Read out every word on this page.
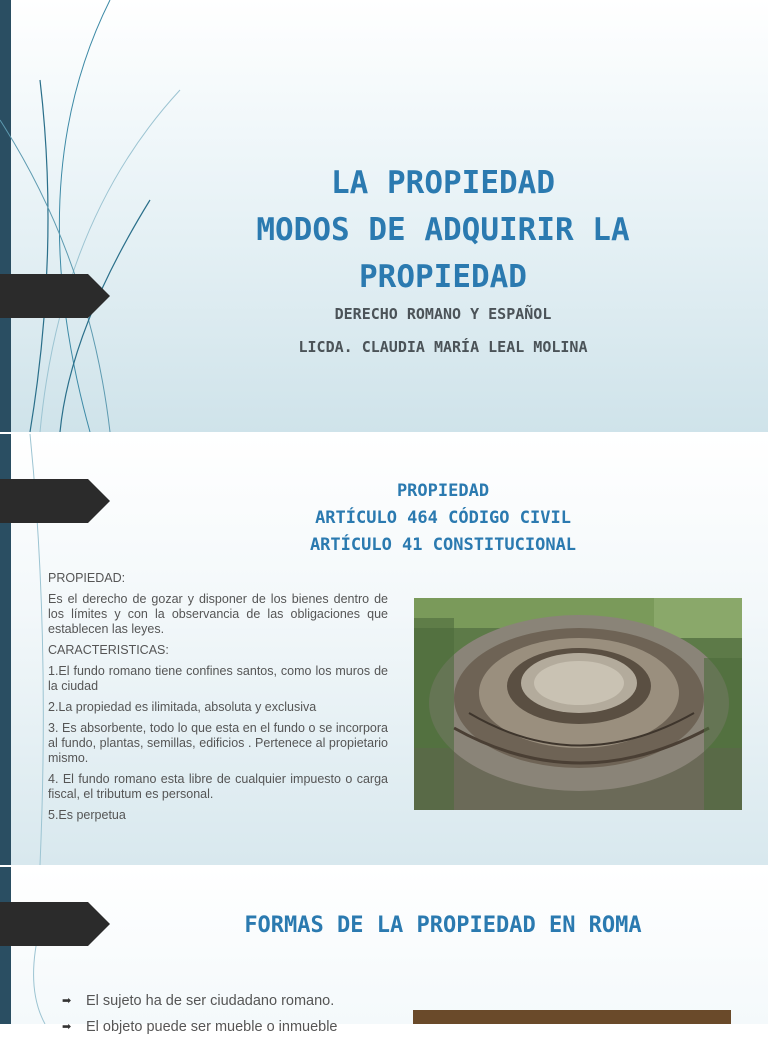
LA PROPIEDAD
MODOS DE ADQUIRIR LA
PROPIEDAD
DERECHO ROMANO Y ESPAÑOL
LICDA. CLAUDIA MARÍA LEAL MOLINA
PROPIEDAD
ARTÍCULO 464 CÓDIGO CIVIL
ARTÍCULO 41 CONSTITUCIONAL

PROPIEDAD:

Es el derecho de gozar y disponer de los bienes dentro de los límites y con la observancia de las obligaciones que establecen las leyes.

CARACTERISTICAS:

1.El fundo romano tiene confines santos, como los muros de la ciudad

2.La propiedad es ilimitada, absoluta y exclusiva

3. Es absorbente, todo lo que esta en el fundo o se incorpora al fundo, plantas, semillas, edificios . Pertenece al propietario mismo.

4. El fundo romano esta libre de cualquier impuesto o carga fiscal, el tributum es personal.

5.Es perpetua

FORMAS DE LA PROPIEDAD EN ROMA
➡ El sujeto ha de ser ciudadano romano.
➡ El objeto puede ser mueble o inmueble
